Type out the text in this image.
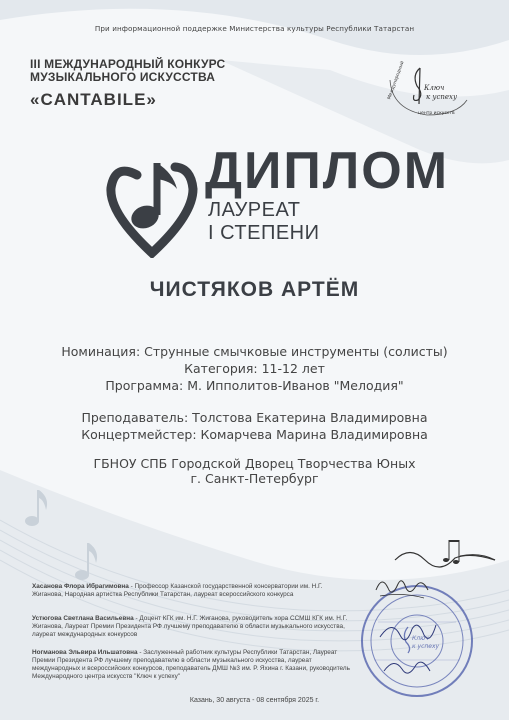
При информационной поддержке Министерства культуры Республики Татарстан
III МЕЖДУНАРОДНЫЙ КОНКУРС
МУЗЫКАЛЬНОГО ИСКУССТВА
«CANTABILE»
Ключ
к успеху
Международный
центр искусств
ДИПЛОМ
ЛАУРЕАТ
I СТЕПЕНИ
ЧИСТЯКОВ АРТЁМ
Номинация: Струнные смычковые инструменты (солисты)
Категория: 11-12 лет
Программа: М. Ипполитов-Иванов "Мелодия"
Преподаватель: Толстова Екатерина Владимировна
Концертмейстер: Комарчева Марина Владимировна
ГБНОУ СПБ Городской Дворец Творчества Юных
г. Санкт-Петербург
Хасанова Флора Ибрагимовна - Профессор Казанской государственной консерватории им. Н.Г. Жиганова, Народная артистка Республики Татарстан, лауреат всероссийского конкурса
Устюгова Светлана Васильевна - Доцент КГК им. Н.Г. Жиганова, руководитель хора ССМШ КГК им. Н.Г. Жиганова, Лауреат Премии Президента РФ лучшему преподавателю в области музыкального искусства, лауреат международных конкурсов
Ногманова Эльвира Ильшатовна - Заслуженный работник культуры Республики Татарстан, Лауреат Премии Президента РФ лучшему преподавателю в области музыкального искусства, лауреат международных и всероссийских конкурсов, преподаватель ДМШ №3 им. Р. Яхина г. Казани, руководитель Международного центра искусств "Ключ к успеху"
Ключ
к успеху
Казань, 30 августа - 08 сентября 2025 г.
